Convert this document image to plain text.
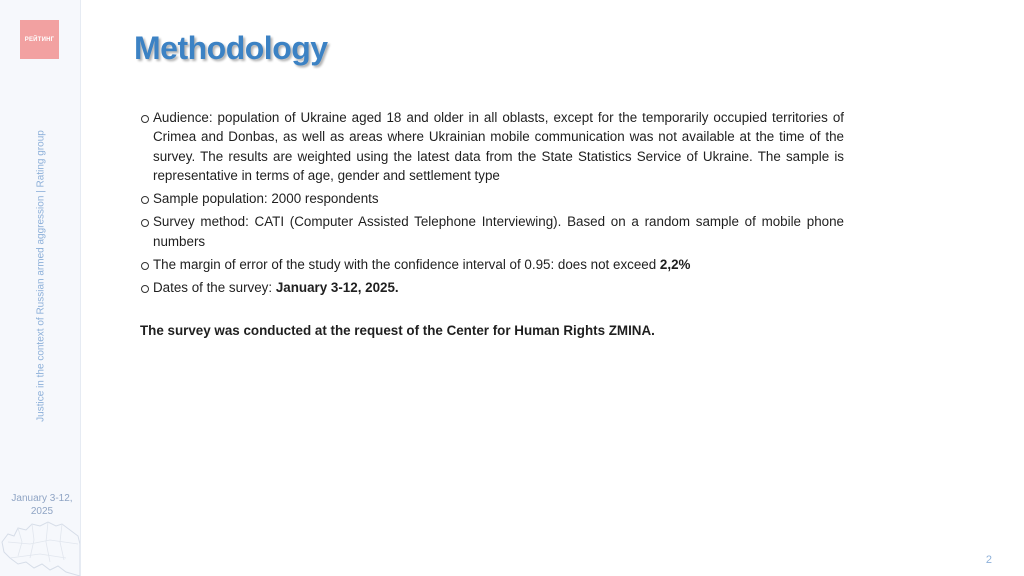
РЕЙТИНГ
Justice in the context of Russian armed aggression | Rating group
January 3-12, 2025
Methodology
Audience: population of Ukraine aged 18 and older in all oblasts, except for the temporarily occupied territories of Crimea and Donbas, as well as areas where Ukrainian mobile communication was not available at the time of the survey. The results are weighted using the latest data from the State Statistics Service of Ukraine. The sample is representative in terms of age, gender and settlement type
Sample population: 2000 respondents
Survey method: CATI (Computer Assisted Telephone Interviewing). Based on a random sample of mobile phone numbers
The margin of error of the study with the confidence interval of 0.95: does not exceed 2,2%
Dates of the survey: January 3-12, 2025.

The survey was conducted at the request of the Center for Human Rights ZMINA.

2
